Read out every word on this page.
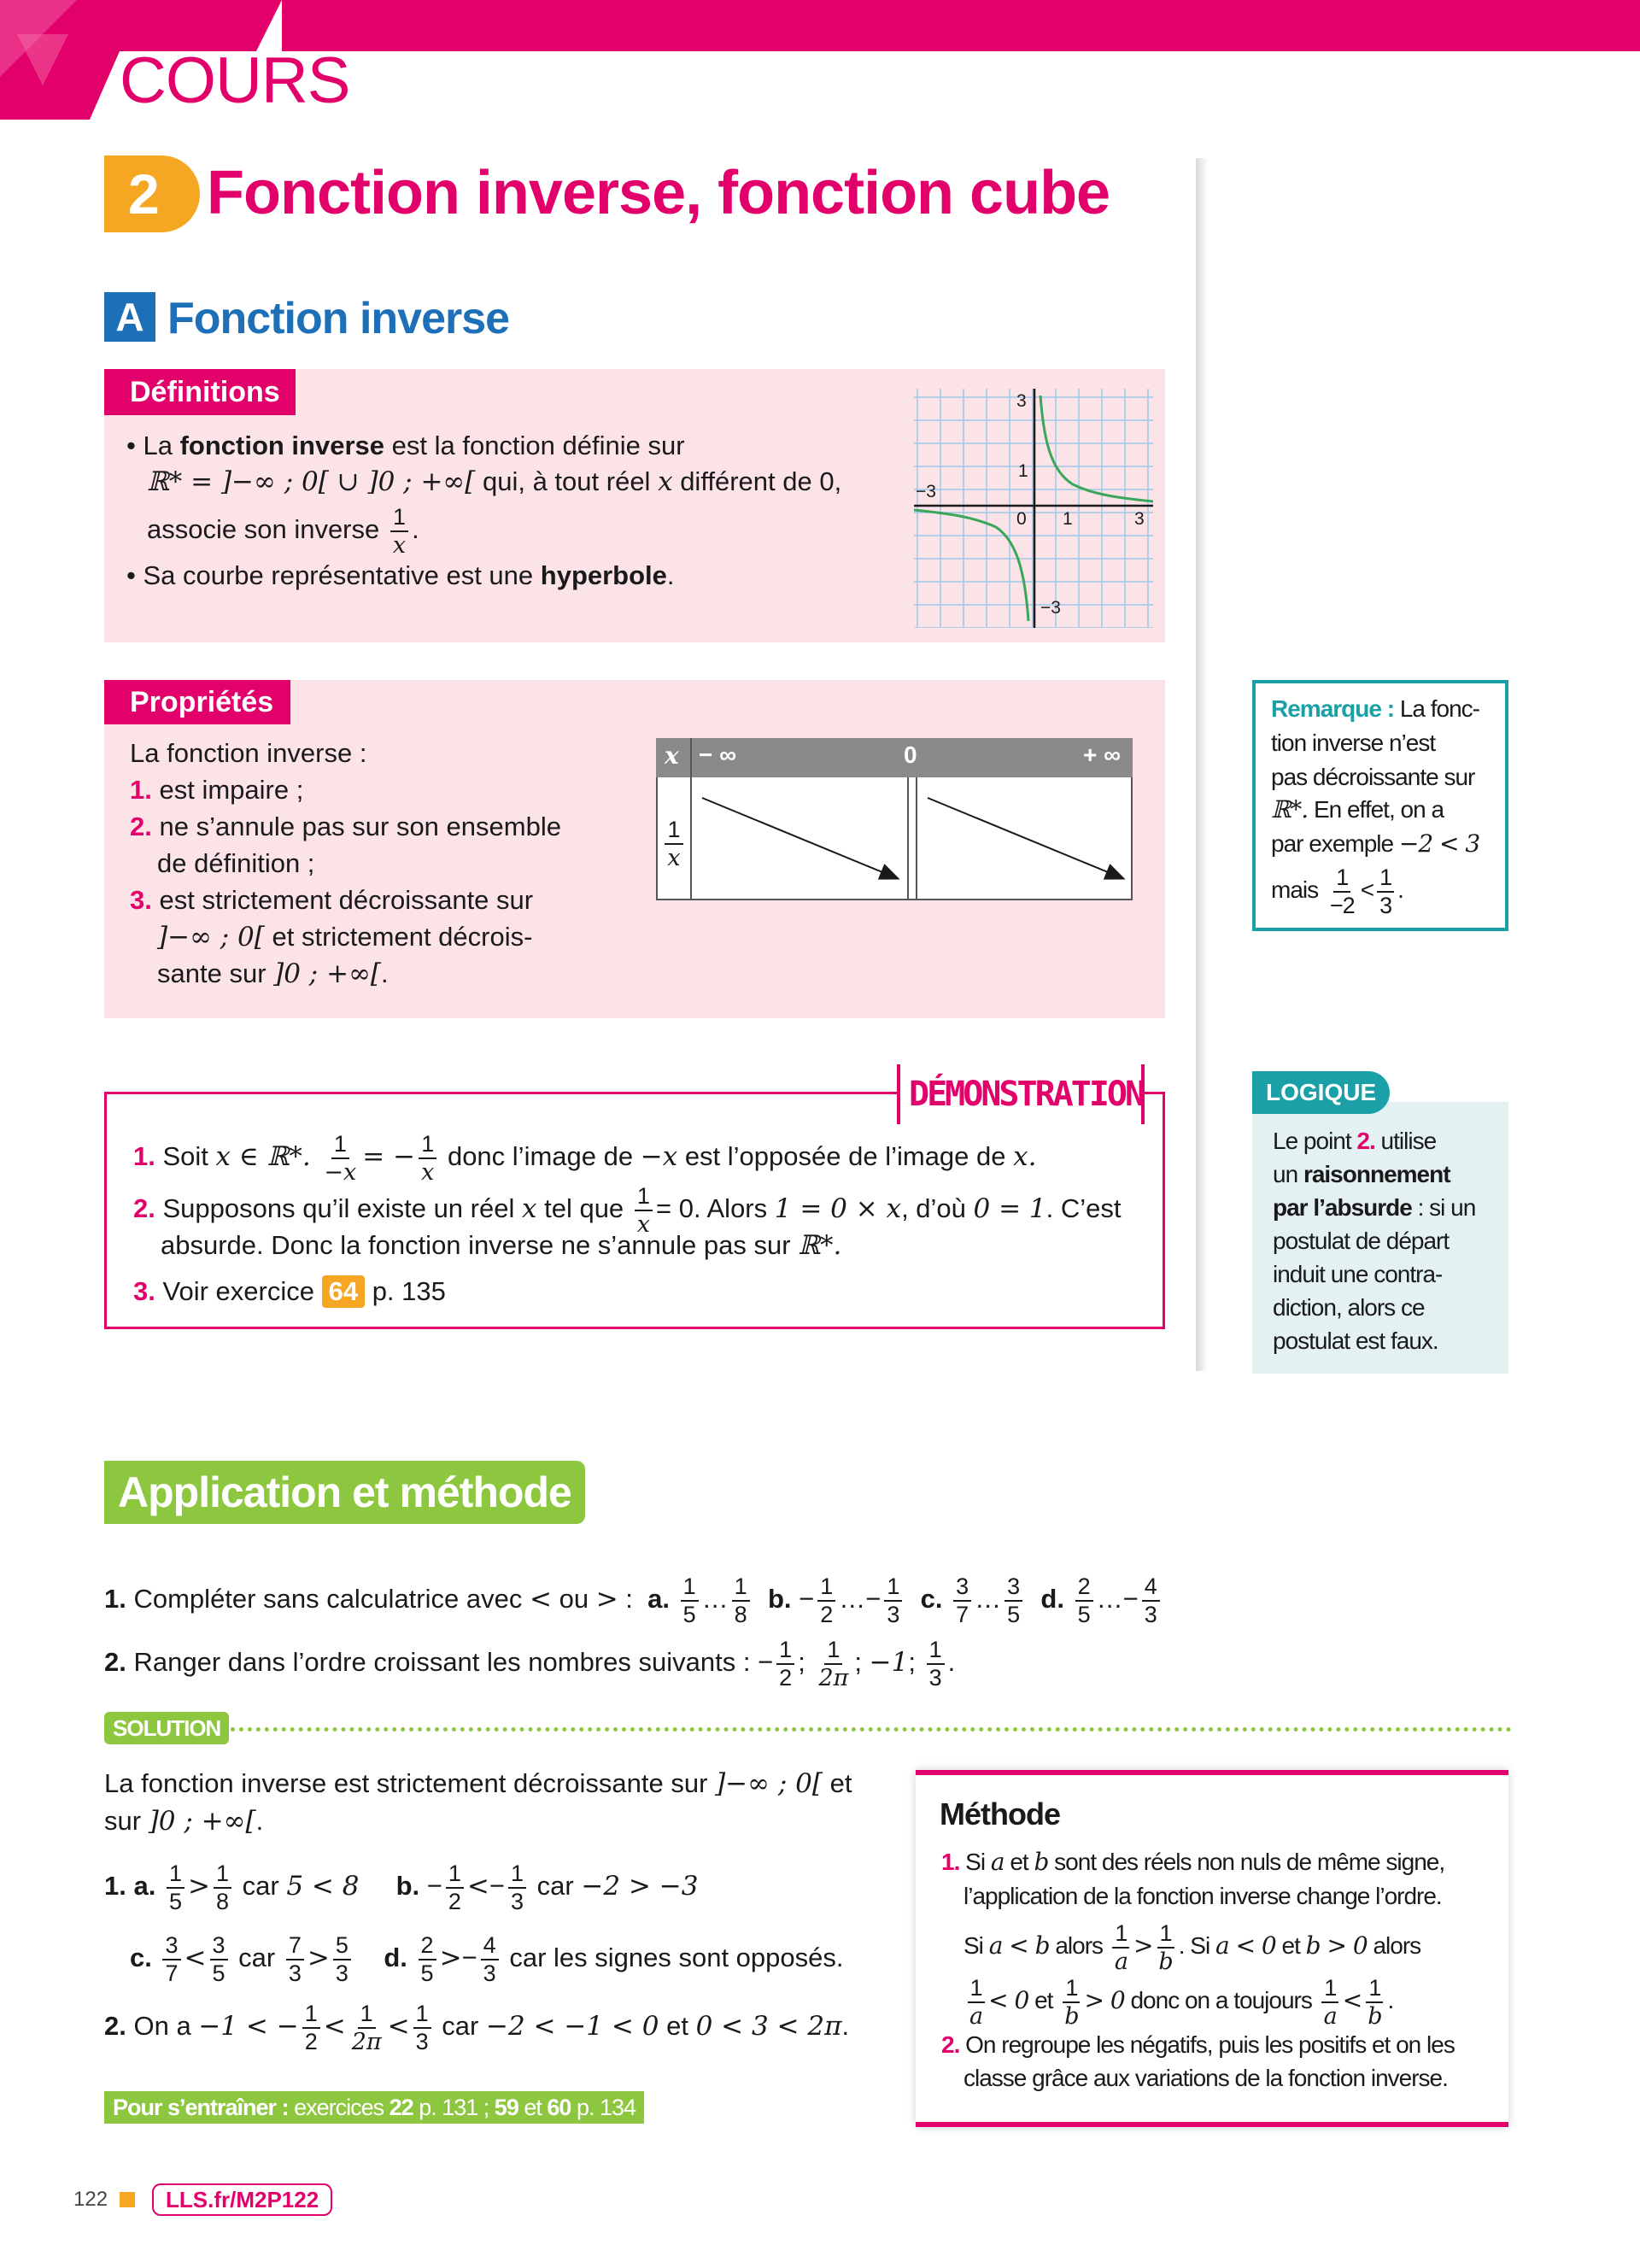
COURS
2 Fonction inverse, fonction cube
A Fonction inverse
Définitions
• La fonction inverse est la fonction définie sur
ℝ* = ]−∞ ; 0[ ∪ ]0 ; +∞[ qui, à tout réel x différent de 0,
associe son inverse $\frac{1}{x}$ .
• Sa courbe représentative est une hyperbole.
3
1
−3
0 1	3
−3
Propriétés
La fonction inverse :
1. est impaire ;
2. ne s’annule pas sur son ensemble
de définition ;
3. est strictement décroissante sur
]−∞ ; 0[ et strictement décrois-
sante sur ]0 ; +∞[.
x − ∞	0	+ ∞
$\frac{1}{x}$
Remarque : La fonc-
tion inverse n’est
pas décroissante sur
ℝ*. En effet, on a
par exemple −2 < 3
mais $\frac{1}{-2} < \frac{1}{3}$ .
DÉMONSTRATION
1. Soit x ∈ ℝ*. $\frac{1}{-x}$ = − $\frac{1}{x}$ donc l’image de −x est l’opposée de l’image de x.
2. Supposons qu’il existe un réel x tel que $\frac{1}{x} = 0$. Alors 1 = 0 × x, d’où 0 = 1. C’est
absurde. Donc la fonction inverse ne s’annule pas sur ℝ*.
3. Voir exercice 64 p. 135
LOGIQUE
Le point 2. utilise
un raisonnement
par l’absurde : si un
postulat de départ
induit une contra-
diction, alors ce
postulat est faux.
Application et méthode
1. Compléter sans calculatrice avec < ou > : a. $\frac{1}{5}$ … $\frac{1}{8} b$. − $\frac{1}{2}$ …− $\frac{1}{3} c$. $\frac{3}{7}$ … $\frac{3}{5} d$. $\frac{2}{5}$ …− $\frac{4}{3}$
2. Ranger dans l’ordre croissant les nombres suivants : − $\frac{1}{2}$ ; $\frac{1}{2\pi}$ ; −1; $\frac{1}{3}$ .
SOLUTION
La fonction inverse est strictement décroissante sur ]−∞ ; 0[ et
sur ]0 ; +∞[.
1. a. $\frac{1}{5} > \frac{1}{8}$ car 5 < 8 b. − $\frac{1}{2} <- \frac{1}{3}$ car −2 > −3
c. $\frac{3}{7} < \frac{3}{5}$ car $\frac{7}{3} > \frac{5}{3} d$. $\frac{2}{5} >- \frac{4}{3}$ car les signes sont opposés.
2. On a −1 < − $\frac{1}{2} < \frac{1}{2\pi} < \frac{1}{3}$ car −2 < −1 < 0 et 0 < 3 < 2π.
Pour s’entraîner : exercices 22 p. 131 ; 59 et 60 p. 134
Méthode
1. Si a et b sont des réels non nuls de même signe,
l’application de la fonction inverse change l’ordre.
Si a < b alors $\frac{1}{a} > \frac{1}{b}$ . Si a < 0 et b > 0 alors
$\frac{1}{a} < 0$ et $\frac{1}{b} > 0$ donc on a toujours $\frac{1}{a} < \frac{1}{b}$ .
2. On regroupe les négatifs, puis les positifs et on les
classe grâce aux variations de la fonction inverse.
122	LLS.fr/M2P122
